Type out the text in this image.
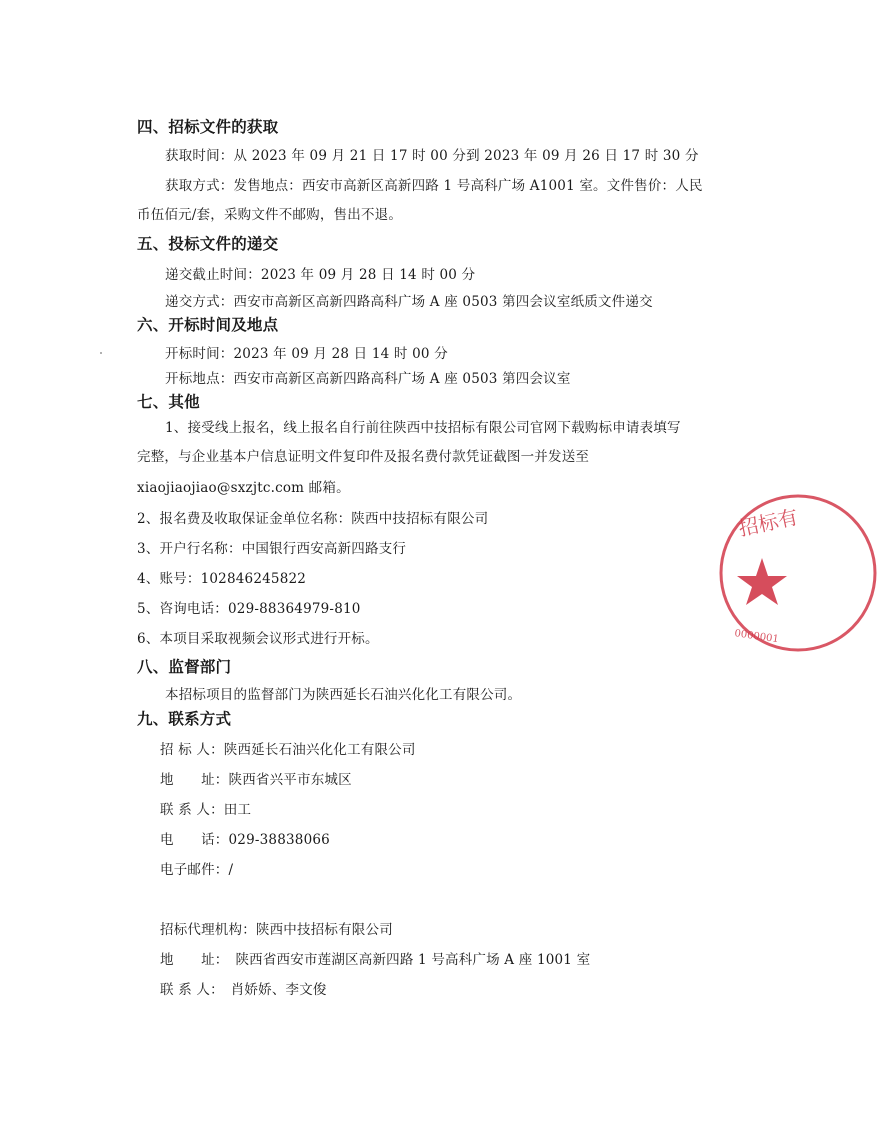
四、招标文件的获取
获取时间：从 2023 年 09 月 21 日 17 时 00 分到 2023 年 09 月 26 日 17 时 30 分
获取方式：发售地点：西安市高新区高新四路 1 号高科广场 A1001 室。文件售价：人民
币伍佰元/套，采购文件不邮购，售出不退。
五、投标文件的递交
递交截止时间：2023 年 09 月 28 日 14 时 00 分
递交方式：西安市高新区高新四路高科广场 A 座 0503 第四会议室纸质文件递交
六、开标时间及地点
开标时间：2023 年 09 月 28 日 14 时 00 分
开标地点：西安市高新区高新四路高科广场 A 座 0503 第四会议室
七、其他
1、接受线上报名，线上报名自行前往陕西中技招标有限公司官网下载购标申请表填写
完整，与企业基本户信息证明文件复印件及报名费付款凭证截图一并发送至
xiaojiaojiao@sxzjtc.com 邮箱。
2、报名费及收取保证金单位名称：陕西中技招标有限公司
3、开户行名称：中国银行西安高新四路支行
4、账号：102846245822
5、咨询电话：029-88364979-810
6、本项目采取视频会议形式进行开标。
八、监督部门
本招标项目的监督部门为陕西延长石油兴化化工有限公司。
九、联系方式
招 标 人：陕西延长石油兴化化工有限公司
地　　址：陕西省兴平市东城区
联 系 人：田工
电　　话：029-38838066
电子邮件：/
招标代理机构：陕西中技招标有限公司
地　　址：　陕西省西安市莲湖区高新四路 1 号高科广场 A 座 1001 室
联 系 人：　肖娇娇、李文俊
招标有
0000001
